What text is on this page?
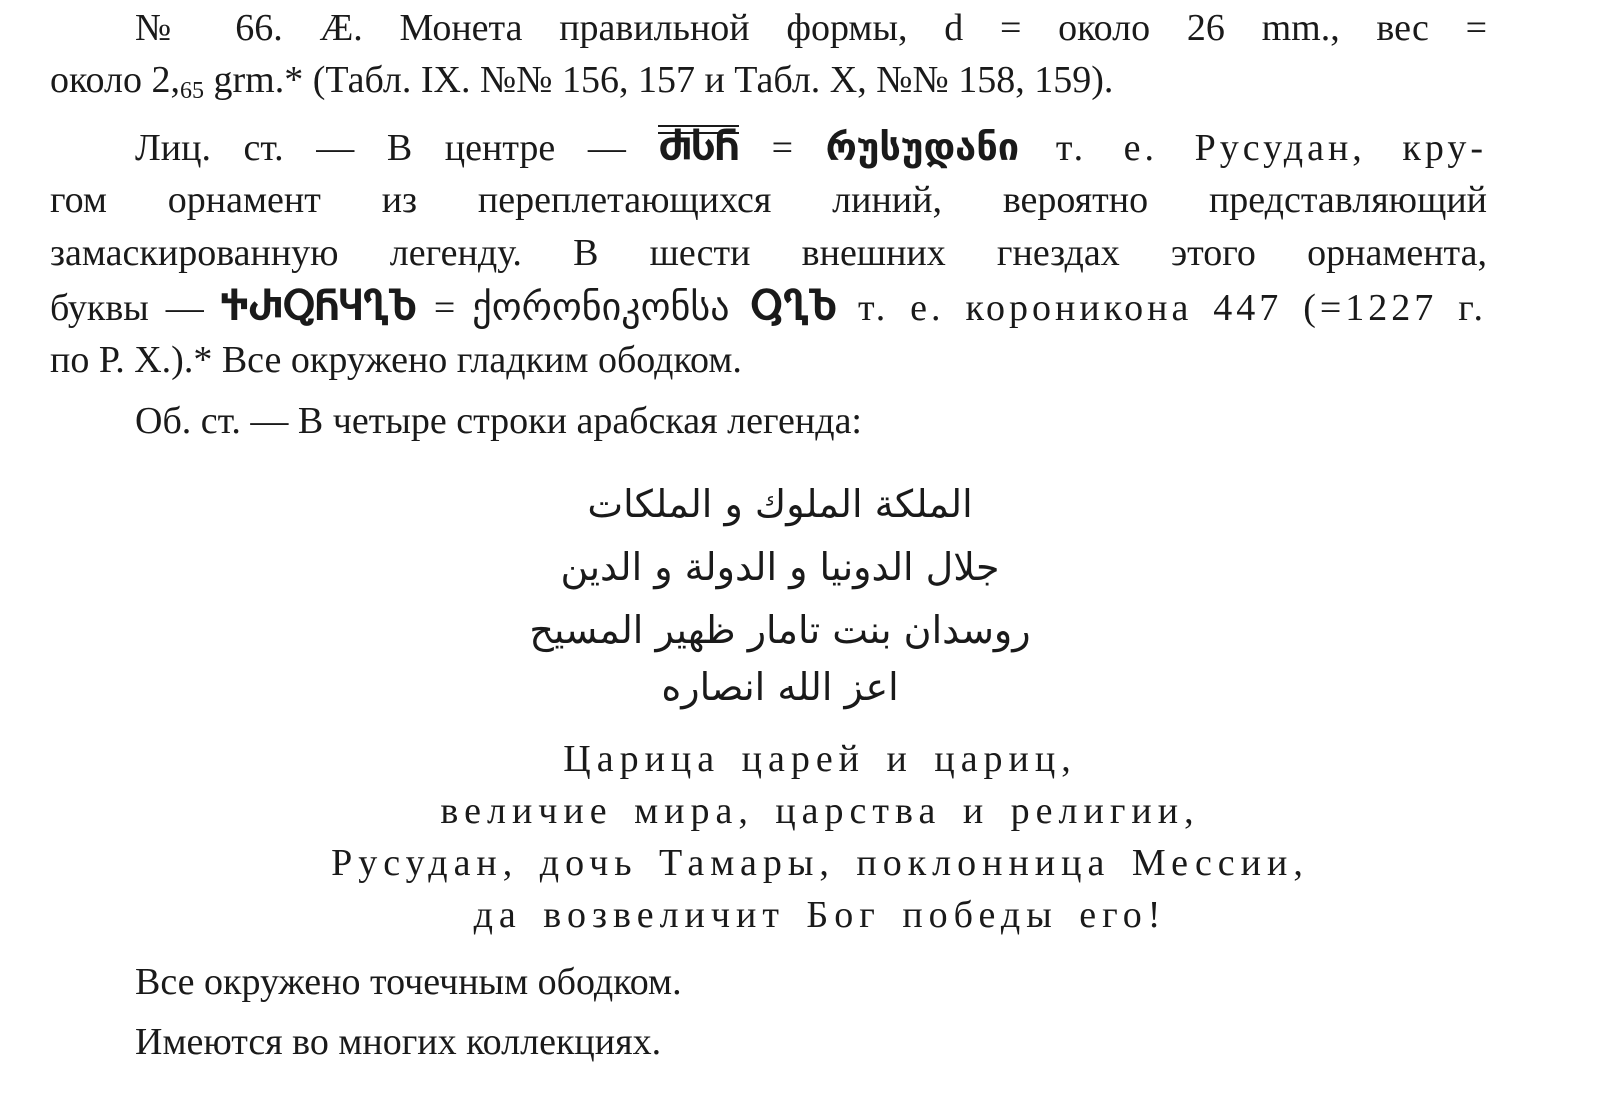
№ 66. Æ. Монета правильной формы, d = около 26 mm., вес =
около $2,_{65}$ grm.* (Табл. IX. №№ 156, 157 и Табл. X, №№ 158, 159).
Лиц. ст. — В центре — ႻႱႬ = რუსუდანი т. е. Русудан, кру-
гом орнамент из переплетающихся линий, вероятно представляющий
замаскированную легенду. В шести внешних гнездах этого орнамента,
буквы — ႵႰႭႬႷႢႦ = ქორონიკონსა ႳႢႦ т. е. короникона 447 (=1227 г.
по Р. Х.).* Все окружено гладким ободком.
Об. ст. — В четыре строки арабская легенда:
الملكة الملوك و الملكات
جلال الدونيا و الدولة و الدين
روسدان بنت تامار ظهير المسيح
اعز الله انصاره
Царица царей и цариц,
величие мира, царства и религии,
Русудан, дочь Тамары, поклонница Мессии,
да возвеличит Бог победы его!
Все окружено точечным ободком.
Имеются во многих коллекциях.
